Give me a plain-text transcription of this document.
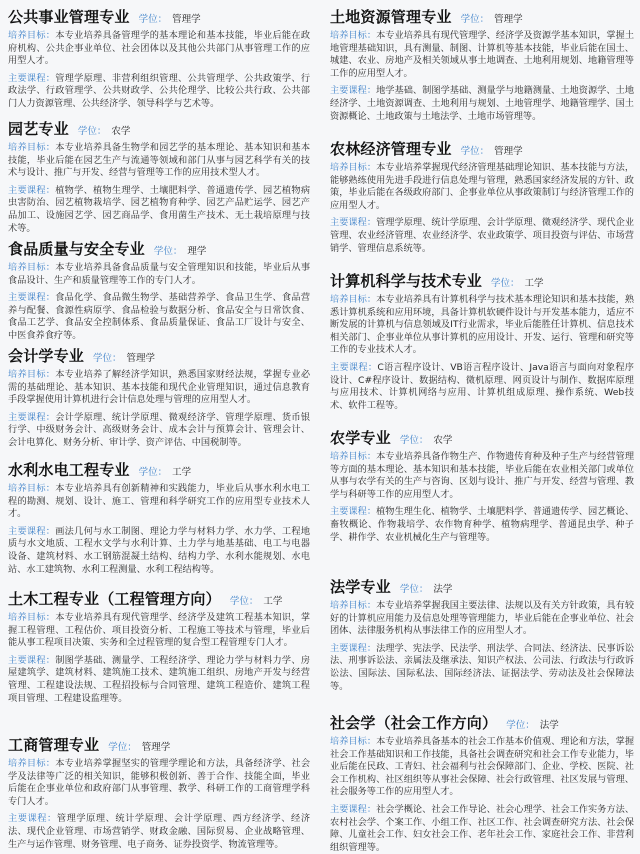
公共事业管理专业 学位： 管理学
培养目标：本专业培养具备管理学的基本理论和基本技能，毕业后能在政府机构、公共企事业单位、社会团体以及其他公共部门从事管理工作的应用型人才。
主要课程：管理学原理、非营利组织管理、公共管理学、公共政策学、行政法学、行政管理学、公共财政学、公共伦理学、比较公共行政、公共部门人力资源管理、公共经济学、领导科学与艺术等。
园艺专业 学位： 农学
培养目标：本专业培养具备生物学和园艺学的基本理论、基本知识和基本技能，毕业后能在园艺生产与流通等领域和部门从事与园艺科学有关的技术与设计、推广与开发、经营与管理等工作的应用技术型人才。
主要课程：植物学、植物生理学、土壤肥料学、普通遗传学、园艺植物病虫害防治、园艺植物栽培学、园艺植物育种学、园艺产品贮运学、园艺产品加工、设施园艺学、园艺商品学、食用菌生产技术、无土栽培原理与技术等。
食品质量与安全专业 学位： 理学
培养目标：本专业培养具备食品质量与安全管理知识和技能，毕业后从事食品设计、生产和质量管理等工作的专门人才。
主要课程：食品化学、食品微生物学、基础营养学、食品卫生学、食品营养与配餐、食源性病原学、食品检验与数据分析、食品安全与日常饮食、食品工艺学、食品安全控制体系、食品质量保证、食品工厂设计与安全、中医食养食疗等。
会计学专业 学位： 管理学
培养目标：本专业培养了解经济学知识，熟悉国家财经法规，掌握专业必需的基础理论、基本知识、基本技能和现代企业管理知识，通过信息教育手段掌握使用计算机进行会计信息处理与管理的应用型人才。
主要课程：会计学原理、统计学原理、微观经济学、管理学原理、货币银行学、中级财务会计、高级财务会计、成本会计与预算会计、管理会计、会计电算化、财务分析、审计学、资产评估、中国税制等。
水利水电工程专业 学位： 工学
培养目标：本专业培养具有创新精神和实践能力，毕业后从事水利水电工程的勘测、规划、设计、施工、管理和科学研究工作的应用型专业技术人才。
主要课程：画法几何与水工制图、理论力学与材料力学、水力学、工程地质与水文地质、工程水文学与水利计算、土力学与地基基础、电工与电器设备、建筑材料、水工钢筋混凝土结构、结构力学、水利水能规划、水电站、水工建筑物、水利工程测量、水利工程结构等。
土木工程专业（工程管理方向） 学位： 工学
培养目标：本专业培养具有现代管理学、经济学及建筑工程基本知识，掌握工程管理、工程估价、项目投资分析、工程施工等技术与管理，毕业后能从事工程项目决策、实务和全过程管理的复合型工程管理专门人才。
主要课程：制图学基础、测量学、工程经济学、理论力学与材料力学、房屋建筑学、建筑材料、建筑施工技术、建筑施工组织、房地产开发与经营管理、工程建设法规、工程招投标与合同管理、建筑工程造价、建筑工程项目管理、工程建设监理等。
工商管理专业 学位： 管理学
培养目标：本专业培养掌握坚实的管理学理论和方法，具备经济学、社会学及法律等广泛的相关知识，能够积极创新、善于合作、技能全面，毕业后能在企事业单位和政府部门从事管理、教学、科研工作的工商管理学科专门人才。
主要课程：管理学原理、统计学原理、会计学原理、西方经济学、经济法、现代企业管理、市场营销学、财政金融、国际贸易、企业战略管理、生产与运作管理、财务管理、电子商务、证券投资学、物流管理等。
土地资源管理专业 学位： 管理学
培养目标：本专业培养具有现代管理学、经济学及资源学基本知识，掌握土地管理基础知识，具有测量、制图、计算机等基本技能，毕业后能在国土、城建、农业、房地产及相关领域从事土地调查、土地利用规划、地籍管理等工作的应用型人才。
主要课程：地学基础、制图学基础、测量学与地籍测量、土地资源学、土地经济学、土地资源调查、土地利用与规划、土地管理学、地籍管理学、国土资源概论、土地政策与土地法学、土地市场管理等。
农林经济管理专业 学位： 管理学
培养目标：本专业培养掌握现代经济管理基础理论知识、基本技能与方法，能够熟练使用先进手段进行信息处理与管理，熟悉国家经济发展的方针、政策，毕业后能在各级政府部门、企事业单位从事政策制订与经济管理工作的应用型人才。
主要课程：管理学原理、统计学原理、会计学原理、微观经济学、现代企业管理、农业经济管理、农业经济学、农业政策学、项目投资与评估、市场营销学、管理信息系统等。
计算机科学与技术专业 学位： 工学
培养目标：本专业培养具有计算机科学与技术基本理论知识和基本技能，熟悉计算机系统和应用环境，具备计算机软硬件设计与开发基本能力，适应不断发展的计算机与信息领域及IT行业需求，毕业后能胜任计算机、信息技术相关部门、企事业单位从事计算机的应用设计、开发、运行、管理和研究等工作的专业技术人才。
主要课程：C语言程序设计、VB语言程序设计、Java语言与面向对象程序设计、C#程序设计、数据结构、微机原理、网页设计与制作、数据库原理与应用技术、计算机网络与应用、计算机组成原理、操作系统、Web技术、软件工程等。
农学专业 学位： 农学
培养目标：本专业培养具备作物生产、作物遗传育种及种子生产与经营管理等方面的基本理论、基本知识和基本技能，毕业后能在农业相关部门或单位从事与农学有关的生产与咨询、区划与设计、推广与开发、经营与管理、教学与科研等工作的应用型人才。
主要课程：植物生理生化、植物学、土壤肥料学、普通遗传学、园艺概论、畜牧概论、作物栽培学、农作物育种学、植物病理学、普通昆虫学、种子学、耕作学、农业机械化生产与管理等。
法学专业 学位： 法学
培养目标：本专业培养掌握我国主要法律、法规以及有关方针政策，具有较好的计算机应用能力及信息处理等管理能力，毕业后能在企事业单位、社会团体、法律服务机构从事法律工作的应用型人才。
主要课程：法理学、宪法学、民法学、刑法学、合同法、经济法、民事诉讼法、刑事诉讼法、亲属法及继承法、知识产权法、公司法、行政法与行政诉讼法、国际法、国际私法、国际经济法、证据法学、劳动法及社会保障法等。
社会学（社会工作方向） 学位： 法学
培养目标：本专业培养具备基本的社会工作基本价值观、理论和方法，掌握社会工作基础知识和工作技能，具备社会调查研究和社会工作专业能力，毕业后能在民政、工青妇、社会福利与社会保障部门、企业、学校、医院、社会工作机构、社区组织等从事社会保障、社会行政管理、社区发展与管理、社会服务等工作的应用型人才。
主要课程：社会学概论、社会工作导论、社会心理学、社会工作实务方法、农村社会学、个案工作、小组工作、社区工作、社会调查研究方法、社会保障、儿童社会工作、妇女社会工作、老年社会工作、家庭社会工作、非营利组织管理等。
